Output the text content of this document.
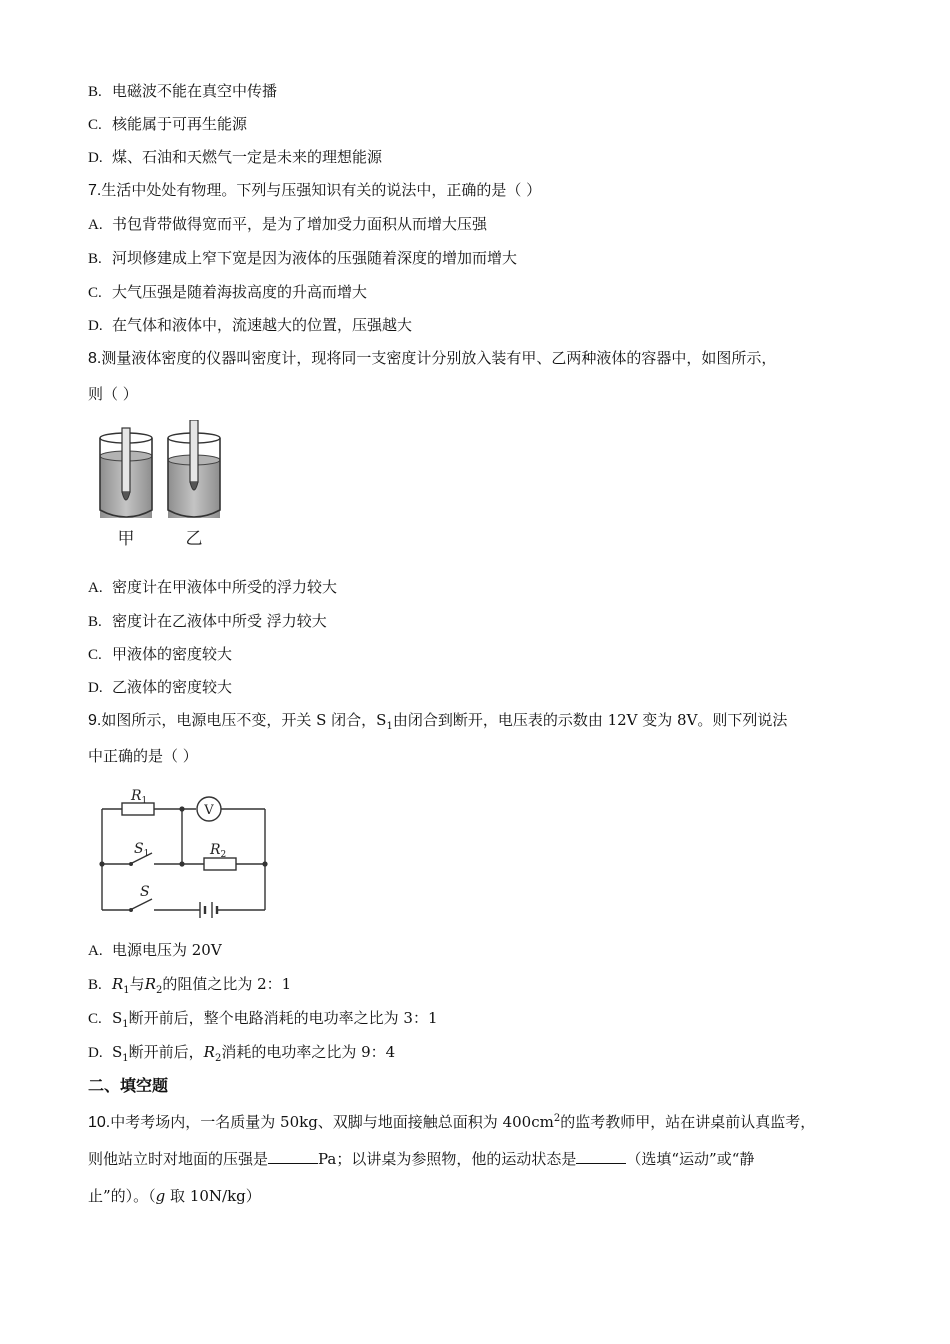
B. 电磁波不能在真空中传播
C. 核能属于可再生能源
D. 煤、石油和天燃气一定是未来的理想能源
7.生活中处处有物理。下列与压强知识有关的说法中，正确的是（ ）
A. 书包背带做得宽而平，是为了增加受力面积从而增大压强
B. 河坝修建成上窄下宽是因为液体的压强随着深度的增加而增大
C. 大气压强是随着海拔高度的升高而增大
D. 在气体和液体中，流速越大的位置，压强越大
8.测量液体密度的仪器叫密度计，现将同一支密度计分别放入装有甲、乙两种液体的容器中，如图所示，
则（ ）
甲	乙
A. 密度计在甲液体中所受的浮力较大
B. 密度计在乙液体中所受 浮力较大
C. 甲液体的密度较大
D. 乙液体的密度较大
9.如图所示，电源电压不变，开关 S 闭合，$S_1$由闭合到断开，电压表的示数由 12V 变为 8V。则下列说法
中正确的是（ ）
$R_1$
V
$S_1$	$R_2$
S
A. 电源电压为 20V
B. $R_1$与$R_2$的阻值之比为 2：1
C. $S_1$断开前后，整个电路消耗的电功率之比为 3：1
D. $S_1$断开前后，$R_2$消耗的电功率之比为 9：4
二、填空题
10.中考考场内，一名质量为 50kg、双脚与地面接触总面积为 $400cm^2$的监考教师甲，站在讲桌前认真监考，
则他站立时对地面的压强是	Pa；以讲桌为参照物，他的运动状态是	（选填“运动”或“静
止”的）。（g 取 10N/kg）
